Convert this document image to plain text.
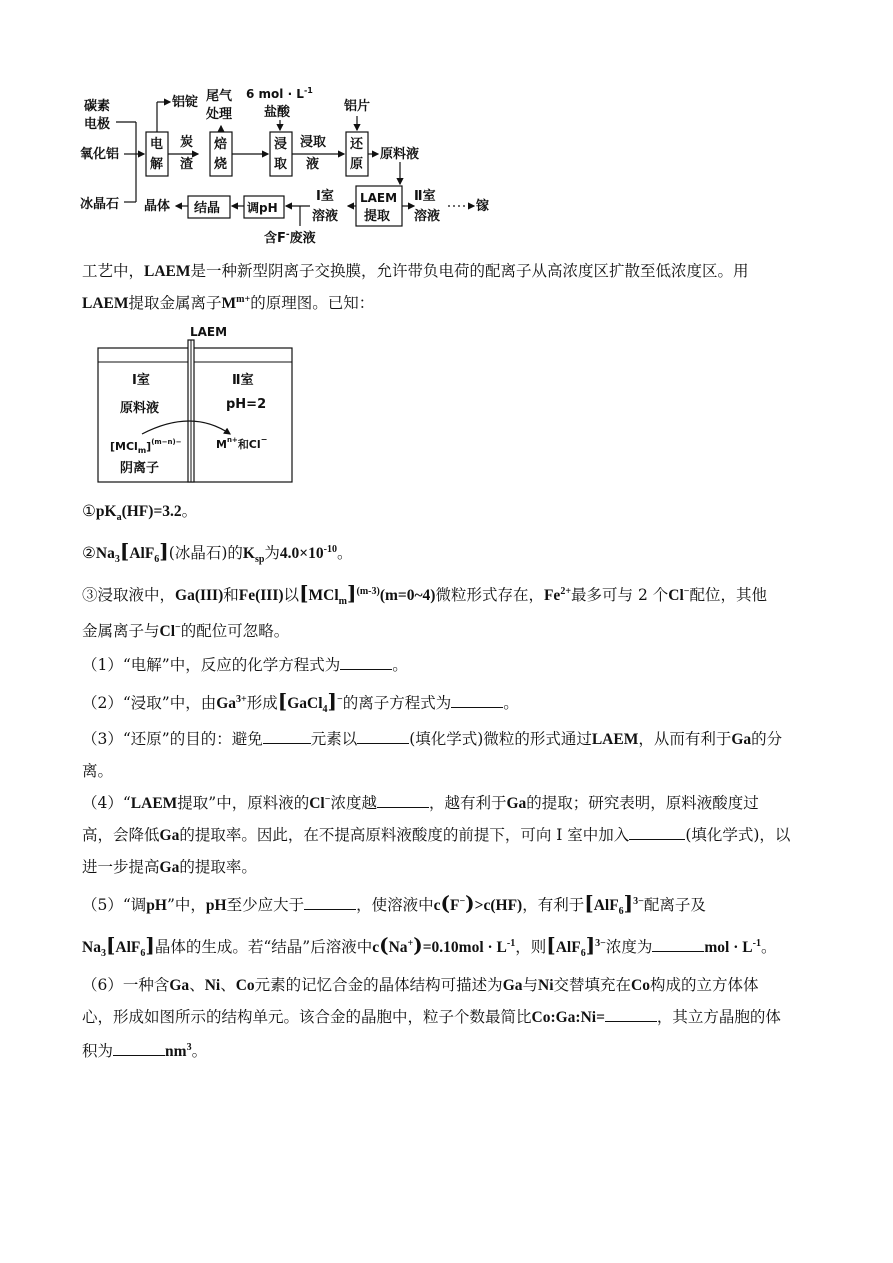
碳素
电极
氧化铝
冰晶石
电
解
铝锭
炭
渣
焙
烧
尾气
处理
6 mol · $L^{-1}$
盐酸
浸
取
浸取
液
铝片
还
原
原料液
LAEM
提取
Ⅱ室
溶液
镓
Ⅰ室
溶液
调pH
含F-废液
结晶
晶体
工艺中，LAEM是一种新型阴离子交换膜，允许带负电荷的配离子从高浓度区扩散至低浓度区。用
LAEM提取金属离子$M^{m+}$的原理图。已知：
LAEM
Ⅰ室
原料液
$[MCl_m]^{(m-n)-}$
阴离子
Ⅱ室
pH=2
$M^{n+}$和Cl−
$①pK_a(HF)=3.2$。
$②Na_3[AlF_6]$(冰晶石)的$K_{sp}$为$4.0\times 10^{-10}$。
③浸取液中，Ga(III)和Fe(III)以$[MCl_m]^{(m-3)}(m=0\sim 4)$微粒形式存在，$Fe^{2+}$最多可与 2 个Cl−配位，其他
金属离子与Cl−的配位可忽略。
（1）“电解”中，反应的化学方程式为	。
（2）“浸取”中，由$Ga^{3+}$形成[GaCl$_4$]−的离子方程式为	。
（3）“还原”的目的：避免	元素以	(填化学式)微粒的形式通过LAEM，从而有利于Ga的分
离。
（4）“LAEM提取”中，原料液的Cl−浓度越	，越有利于Ga的提取；研究表明，原料液酸度过
高，会降低Ga的提取率。因此，在不提高原料液酸度的前提下，可向 I 室中加入	(填化学式)，以
进一步提高Ga的提取率。
（5）“调pH”中，pH至少应大于	，使溶液中c(F−)>c(HF)，有利于$[AlF_6]^{3-}$配离子及
$Na_3[AlF_6]$晶体的生成。若“结晶”后溶液中$c(Na^+)=0.10mol \cdot L^{-1}$，则$[AlF_6]^{3-}$浓度为	mol · $L^{-1}$。
（6）一种含Ga、Ni、Co元素的记忆合金的晶体结构可描述为Ga与Ni交替填充在Co构成的立方体体
心，形成如图所示的结构单元。该合金的晶胞中，粒子个数最简比Co:Ga:Ni=	，其立方晶胞的体
积为	$nm^3$。
